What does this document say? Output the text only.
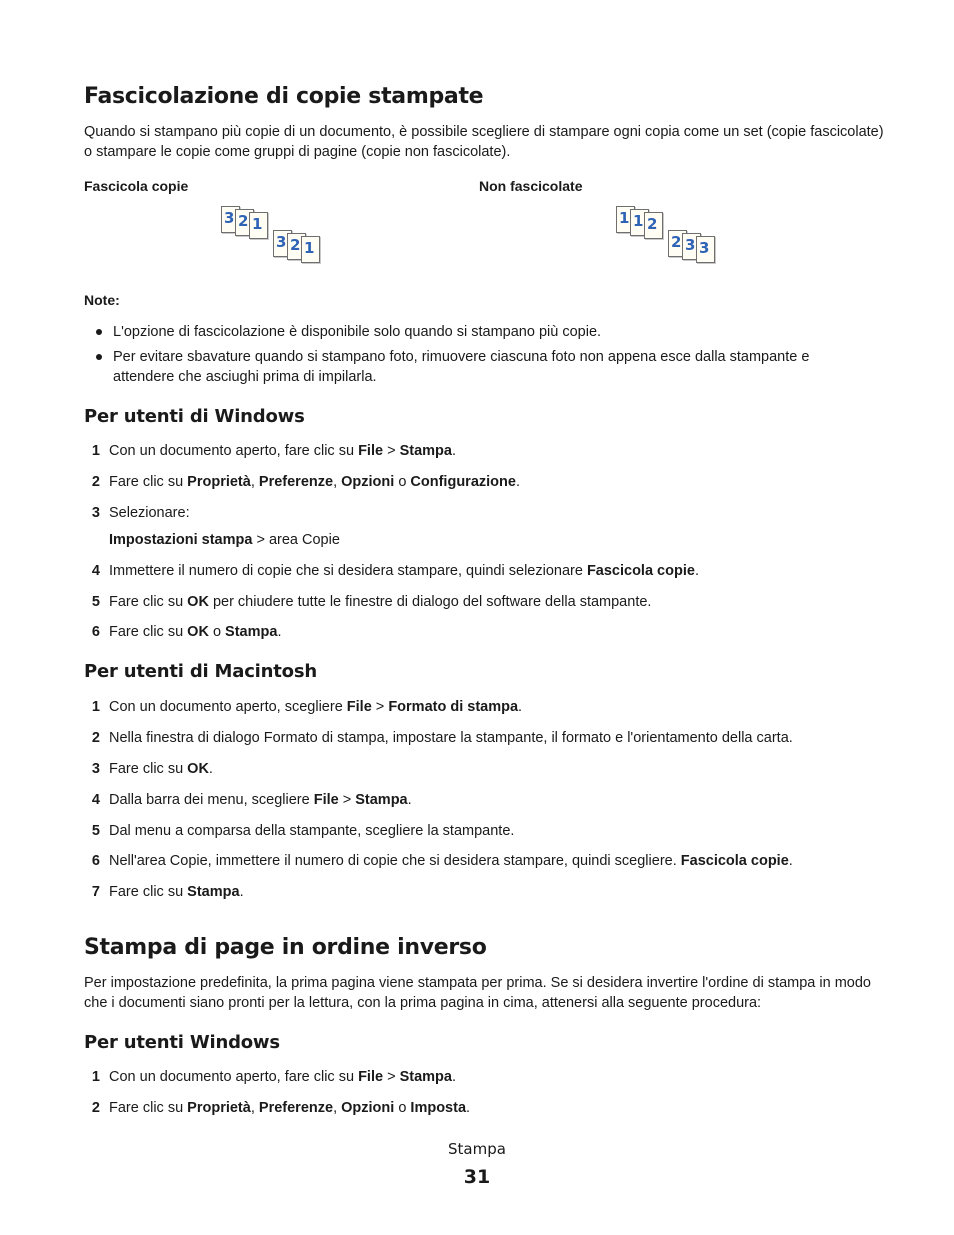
Fascicolazione di copie stampate

Quando si stampano più copie di un documento, è possibile scegliere di stampare ogni copia come un set (copie fascicolate) o stampare le copie come gruppi di pagine (copie non fascicolate).

Fascicola copie	Non fascicolate
3 2 1
3 2 1
1 1 2
2 3 3
Note:
L'opzione di fascicolazione è disponibile solo quando si stampano più copie.
Per evitare sbavature quando si stampano foto, rimuovere ciascuna foto non appena esce dalla stampante e attendere che asciughi prima di impilarla.
Per utenti di Windows
1 Con un documento aperto, fare clic su File > Stampa.
2 Fare clic su Proprietà, Preferenze, Opzioni o Configurazione.
3 Selezionare:
Impostazioni stampa > area Copie
4 Immettere il numero di copie che si desidera stampare, quindi selezionare Fascicola copie.
5 Fare clic su OK per chiudere tutte le finestre di dialogo del software della stampante.
6 Fare clic su OK o Stampa.
Per utenti di Macintosh
1 Con un documento aperto, scegliere File > Formato di stampa.
2 Nella finestra di dialogo Formato di stampa, impostare la stampante, il formato e l'orientamento della carta.
3 Fare clic su OK.
4 Dalla barra dei menu, scegliere File > Stampa.
5 Dal menu a comparsa della stampante, scegliere la stampante.
6 Nell'area Copie, immettere il numero di copie che si desidera stampare, quindi scegliere. Fascicola copie.
7 Fare clic su Stampa.
Stampa di page in ordine inverso

Per impostazione predefinita, la prima pagina viene stampata per prima. Se si desidera invertire l'ordine di stampa in modo che i documenti siano pronti per la lettura, con la prima pagina in cima, attenersi alla seguente procedura:

Per utenti Windows
1 Con un documento aperto, fare clic su File > Stampa.
2 Fare clic su Proprietà, Preferenze, Opzioni o Imposta.
Stampa
31
